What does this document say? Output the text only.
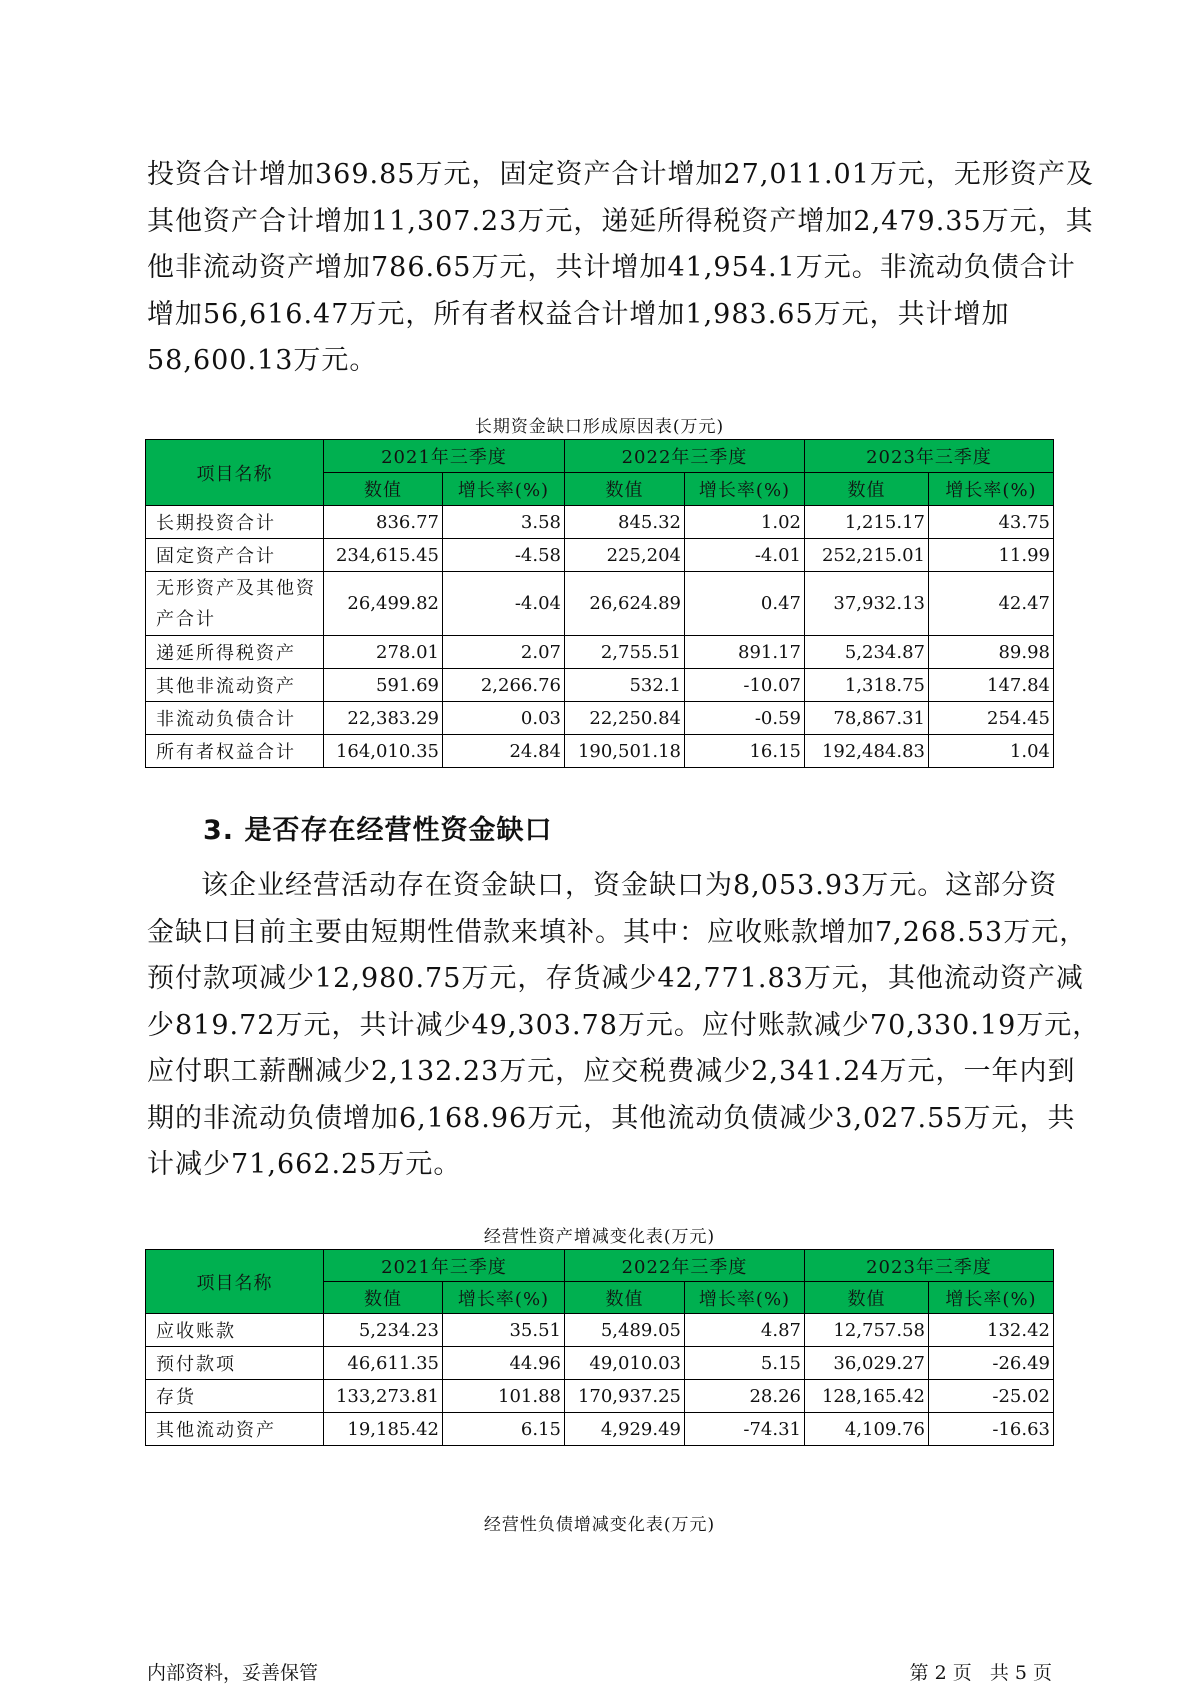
投资合计增加369.85万元，固定资产合计增加27,011.01万元，无形资产及
其他资产合计增加11,307.23万元，递延所得税资产增加2,479.35万元，其
他非流动资产增加786.65万元，共计增加41,954.1万元。非流动负债合计
增加56,616.47万元，所有者权益合计增加1,983.65万元，共计增加
58,600.13万元。

长期资金缺口形成原因表(万元)
项目名称	2021年三季度		2022年三季度		2023年三季度	
	数值	增长率(%)	数值	增长率(%)	数值	增长率(%)
长期投资合计	836.77	3.58	845.32	1.02	1,215.17	43.75
固定资产合计	234,615.45	-4.58	225,204	-4.01	252,215.01	11.99
无形资产及其他资产合计	26,499.82	-4.04	26,624.89	0.47	37,932.13	42.47
递延所得税资产	278.01	2.07	2,755.51	891.17	5,234.87	89.98
其他非流动资产	591.69	2,266.76	532.1	-10.07	1,318.75	147.84
非流动负债合计	22,383.29	0.03	22,250.84	-0.59	78,867.31	254.45
所有者权益合计	164,010.35	24.84	190,501.18	16.15	192,484.83	1.04
3. 是否存在经营性资金缺口

该企业经营活动存在资金缺口，资金缺口为8,053.93万元。这部分资
金缺口目前主要由短期性借款来填补。其中：应收账款增加7,268.53万元，
预付款项减少12,980.75万元，存货减少42,771.83万元，其他流动资产减
少819.72万元，共计减少49,303.78万元。应付账款减少70,330.19万元，
应付职工薪酬减少2,132.23万元，应交税费减少2,341.24万元，一年内到
期的非流动负债增加6,168.96万元，其他流动负债减少3,027.55万元，共
计减少71,662.25万元。

经营性资产增减变化表(万元)
项目名称	2021年三季度		2022年三季度		2023年三季度	
	数值	增长率(%)	数值	增长率(%)	数值	增长率(%)
应收账款	5,234.23	35.51	5,489.05	4.87	12,757.58	132.42
预付款项	46,611.35	44.96	49,010.03	5.15	36,029.27	-26.49
存货	133,273.81	101.88	170,937.25	28.26	128,165.42	-25.02
其他流动资产	19,185.42	6.15	4,929.49	-74.31	4,109.76	-16.63
经营性负债增减变化表(万元)
内部资料，妥善保管	第 2 页   共 5 页
